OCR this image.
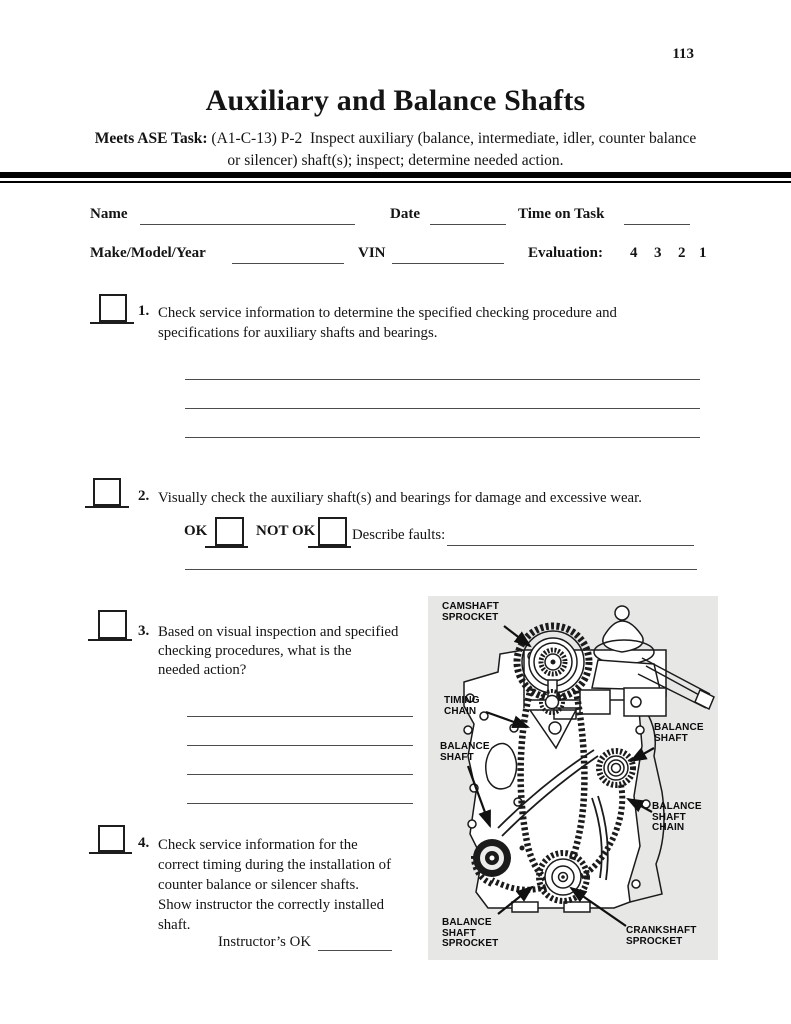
113
Auxiliary and Balance Shafts
Meets ASE Task: (A1-C-13) P-2  Inspect auxiliary (balance, intermediate, idler, counter balance
or silencer) shaft(s); inspect; determine needed action.
Name	Date	Time on Task
Make/Model/Year	VIN	Evaluation: 4 3 2 1
1. Check service information to determine the specified checking procedure and
specifications for auxiliary shafts and bearings.
2. Visually check the auxiliary shaft(s) and bearings for damage and excessive wear.
OK	NOT OK Describe faults:
3. Based on visual inspection and specified
checking procedures, what is the
needed action?
4. Check service information for the
correct timing during the installation of
counter balance or silencer shafts.
Show instructor the correctly installed
shaft.
Instructor’s OK
CAMSHAFT
SPROCKET
TIMING
CHAIN
BALANCE
SHAFT
BALANCE
SHAFT
BALANCE
SHAFT
CHAIN
BALANCE
SHAFT
SPROCKET
CRANKSHAFT
SPROCKET
